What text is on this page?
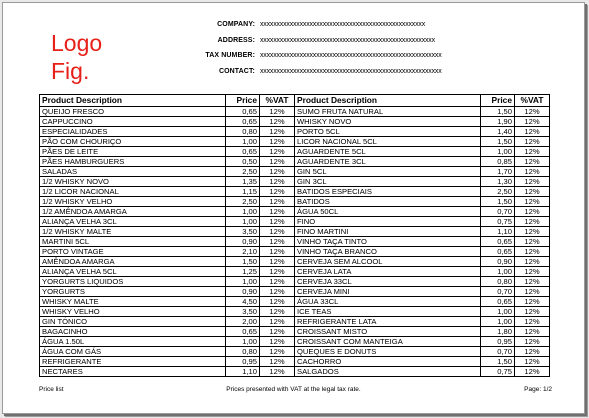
Logo
Fig.
COMPANY: xxxxxxxxxxxxxxxxxxxxxxxxxxxxxxxxxxxxxxxxxxxxxxxxxx
ADDRESS: xxxxxxxxxxxxxxxxxxxxxxxxxxxxxxxxxxxxxxxxxxxxxxxxxxxxx
TAX NUMBER: xxxxxxxxxxxxxxxxxxxxxxxxxxxxxxxxxxxxxxxxxxxxxxxxxxxxxxx
CONTACT: xxxxxxxxxxxxxxxxxxxxxxxxxxxxxxxxxxxxxxxxxxxxxxxxxxxxxxx
Product Description	Price	%VAT	Product Description	Price	%VAT
QUEIJO FRESCO	0,65	12%	SUMO FRUTA NATURAL	1,50	12%
CAPPUCCINO	0,65	12%	WHISKY NOVO	1,90	12%
ESPECIALIDADES	0,80	12%	PORTO 5CL	1,40	12%
PÃO COM CHOURIÇO	1,00	12%	LICOR NACIONAL 5CL	1,50	12%
PÃES DE LEITE	0,65	12%	AGUARDENTE 5CL	1,00	12%
PÃES HAMBURGUERS	0,50	12%	AGUARDENTE 3CL	0,85	12%
SALADAS	2,50	12%	GIN 5CL	1,70	12%
1/2 WHISKY NOVO	1,35	12%	GIN 3CL	1,30	12%
1/2 LICOR NACIONAL	1,15	12%	BATIDOS ESPECIAIS	2,50	12%
1/2 WHISKY VELHO	2,50	12%	BATIDOS	1,50	12%
1/2 AMÊNDOA AMARGA	1,00	12%	ÁGUA 50CL	0,70	12%
ALIANÇA VELHA 3CL	1,00	12%	FINO	0,75	12%
1/2 WHISKY MALTE	3,50	12%	FINO MARTINI	1,10	12%
MARTINI 5CL	0,90	12%	VINHO TAÇA TINTO	0,65	12%
PORTO VINTAGE	2,10	12%	VINHO TAÇA BRANCO	0,65	12%
AMÊNDOA AMARGA	1,50	12%	CERVEJA SEM ALCOOL	0,90	12%
ALIANÇA VELHA 5CL	1,25	12%	CERVEJA LATA	1,00	12%
YORGURTS LIQUIDOS	1,00	12%	CERVEJA 33CL	0,80	12%
YORGURTS	0,90	12%	CERVEJA MINI	0,70	12%
WHISKY MALTE	4,50	12%	ÁGUA 33CL	0,65	12%
WHISKY VELHO	3,50	12%	ICE TEAS	1,00	12%
GIN TÓNICO	2,00	12%	REFRIGERANTE LATA	1,00	12%
BAGACINHO	0,65	12%	CROISSANT MISTO	1,80	12%
ÁGUA 1.50L	1,00	12%	CROISSANT COM MANTEIGA	0,95	12%
ÁGUA COM GÁS	0,80	12%	QUEQUES E DONUTS	0,70	12%
REFRIGERANTE	0,95	12%	CACHORRO	1,50	12%
NECTARES	1,10	12%	SALGADOS	0,75	12%
Price list	Prices presented with VAT at the legal tax rate.	Page: 1/2
